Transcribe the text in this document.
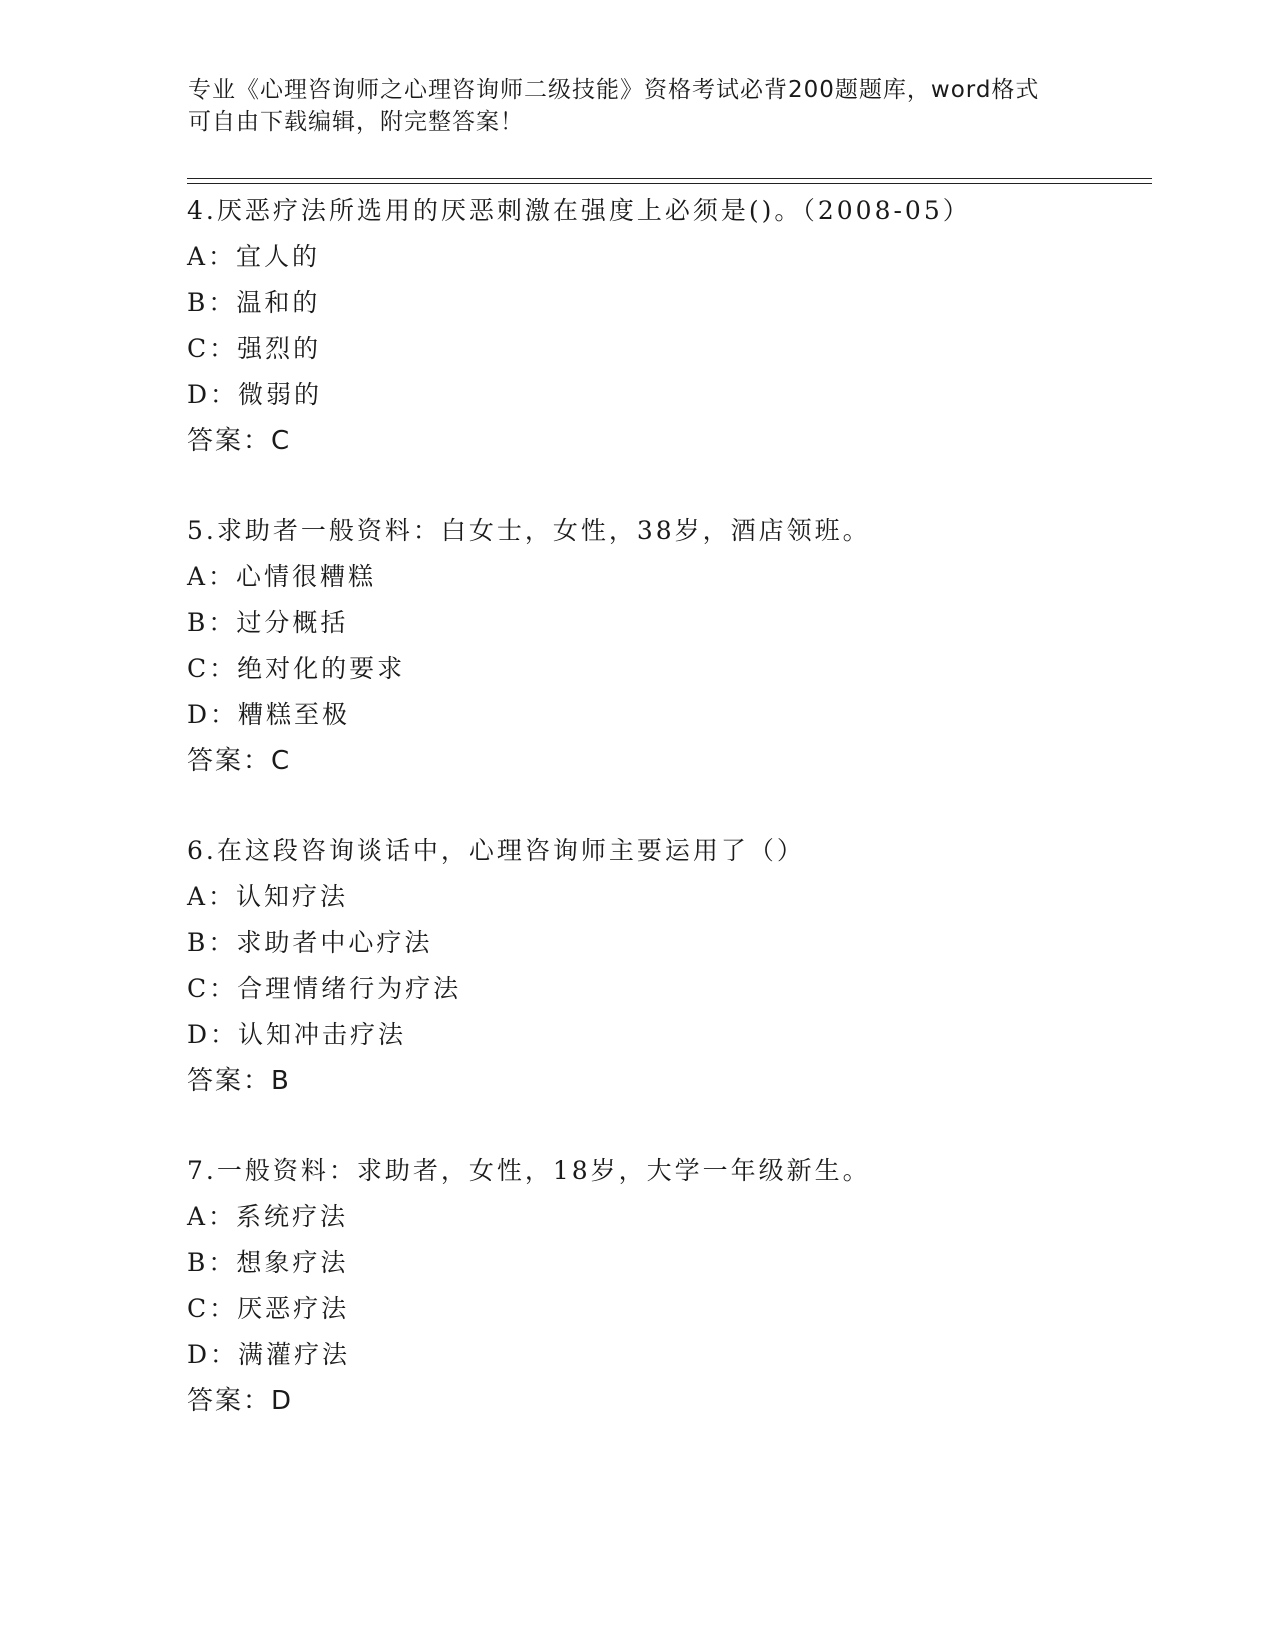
专业《心理咨询师之心理咨询师二级技能》资格考试必背200题题库，word格式
可自由下载编辑，附完整答案！
4.厌恶疗法所选用的厌恶刺激在强度上必须是()。（2008-05）
A：宜人的
B：温和的
C：强烈的
D：微弱的
答案：C
5.求助者一般资料：白女士，女性，38岁，酒店领班。
A：心情很糟糕
B：过分概括
C：绝对化的要求
D：糟糕至极
答案：C
6.在这段咨询谈话中，心理咨询师主要运用了（）
A：认知疗法
B：求助者中心疗法
C：合理情绪行为疗法
D：认知冲击疗法
答案：B
7.一般资料：求助者，女性，18岁，大学一年级新生。
A：系统疗法
B：想象疗法
C：厌恶疗法
D：满灌疗法
答案：D
